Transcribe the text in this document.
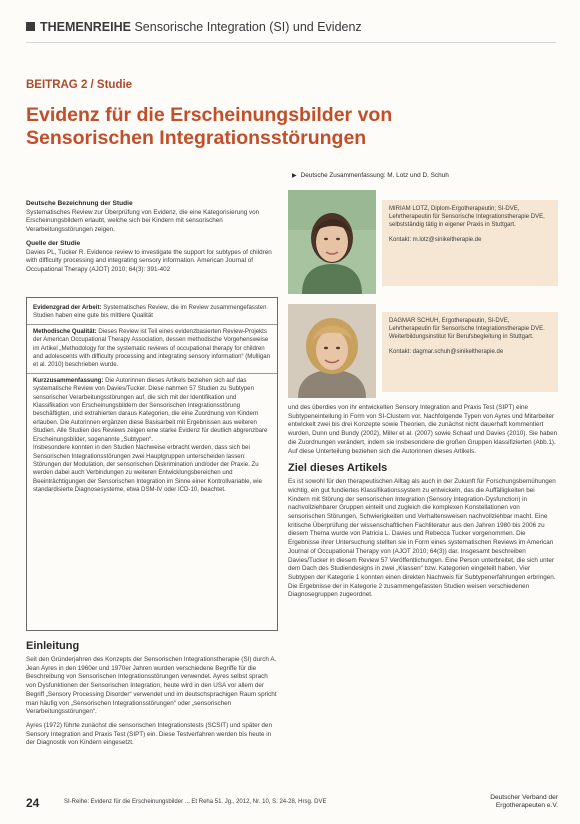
THEMENREIHE Sensorische Integration (SI) und Evidenz
BEITRAG 2 / Studie
Evidenz für die Erscheinungsbilder von Sensorischen Integrationsstörungen
Deutsche Bezeichnung der Studie

Systematisches Review zur Überprüfung von Evidenz, die eine Kategorisierung von Erscheinungsbildern erlaubt, welche sich bei Kindern mit sensorischen Verarbeitungsstörungen zeigen.

Quelle der Studie

Davies PL, Tucker R. Evidence review to investigate the support for subtypes of children with difficulty processing and integrating sensory information. American Journal of Occupational Therapy (AJOT) 2010; 64(3): 391-402

Evidenzgrad der Arbeit: Systematisches Review, die im Review zusammengefassten Studien haben eine gute bis mittlere Qualität

Methodische Qualität: Dieses Review ist Teil eines evidenzbasierten Review-Projekts der American Occupational Therapy Association, dessen methodische Vorgehensweise im Artikel „Methodology for the systematic reviews of occupational therapy for children and adolescents with difficulty processing and integrating sensory information“ (Mulligan et al. 2010) beschrieben wurde.

Kurzzusammenfassung: Die Autorinnen dieses Artikels beziehen sich auf das systematische Review von Davies/Tucker. Diese nahmen 57 Studien zu Subtypen sensorischer Verarbeitungsstörungen auf, die sich mit der Identifikation und Klassifikation von Erscheinungsbildern der Sensorischen Integrationsstörung beschäftigten, und extrahierten daraus Kategorien, die eine Zuordnung von Kindern erlauben. Die Autorinnen ergänzen diese Basisarbeit mit Ergebnissen aus weiteren Studien. Alle Studien des Reviews zeigen eine starke Evidenz für deutlich abgrenzbare Erscheinungsbilder, sogenannte „Subtypen“.
Insbesondere konnten in den Studien Nachweise erbracht werden, dass sich bei Sensorischen Integrationsstörungen zwei Hauptgruppen unterscheiden lassen: Störungen der Modulation, der sensorischen Diskrimination und/oder der Praxie. Zu werden dabei auch Verbindungen zu weiteren Entwicklungsbereichen und Beeinträchtigungen der Sensorischen Integration im Sinne einer Kontrollvariable, wie standardisierte Diagnosesysteme, etwa DSM-IV oder ICD-10, beachtet.

Einleitung

Seit den Gründerjahren des Konzepts der Sensorischen Integrationstherapie (SI) durch A. Jean Ayres in den 1960er und 1970er Jahren wurden verschiedene Begriffe für die Beschreibung von Sensorischen Integrationsstörungen verwendet. Ayres selbst sprach von Dysfunktionen der Sensorischen Integration, heute wird in den USA vor allem der Begriff „Sensory Processing Disorder“ verwendet und im deutschsprachigen Raum spricht man häufig von „Sensorischen Integrationsstörungen“ oder „sensorischen Verarbeitungsstörungen“.

Ayres (1972) führte zunächst die sensorischen Integrationstests (SCSIT) und später den Sensory Integration and Praxis Test (SIPT) ein. Diese Testverfahren werden bis heute in der Diagnostik von Kindern eingesetzt.

▶ Deutsche Zusammenfassung: M. Lotz und D. Schuh
MIRIAM LOTZ, Diplom-Ergotherapeutin; SI-DVE, Lehrtherapeutin für Sensorische Integrationstherapie DVE, selbstständig tätig in eigener Praxis in Stuttgart.
Kontakt: m.lotz@sinikeltherapie.de
DAGMAR SCHUH, Ergotherapeutin, SI-DVE, Lehrtherapeutin für Sensorische Integrationstherapie DVE. Weiterbildungsinstitut für Berufsbegleitung in Stuttgart.
Kontakt: dagmar.schuh@sinikeltherapie.de

und des überdies von ihr entwickelten Sensory Integration and Praxis Test (SIPT) eine Subtypeneinteilung in Form von SI-Clustern vor. Nachfolgende Typen von Ayres und Mitarbeiter entwickelt zwei bis drei Konzepte sowie Theorien, die zunächst nicht dauerhaft kommentiert wurden, Dunn und Bundy (2002), Miller et al. (2007) sowie Schaaf und Davies (2010). Sie haben die Zuordnungen verändert, indem sie insbesondere die großen Gruppen klassifizierten (Abb.1). Auf diese Unterteilung beziehen sich die Autorinnen dieses Artikels.

Ziel dieses Artikels

Es ist sowohl für den therapeutischen Alltag als auch in der Zukunft für Forschungsbemühungen wichtig, ein gut fundiertes Klassifikationssystem zu entwickeln, das die Auffälligkeiten bei Kindern mit Störung der sensorischen Integration (Sensory Integration-Dysfunction) in nachvollziehbarer Gruppen einteilt und zugleich die komplexen Konstellationen von sensorischen Störungen, Schwierigkeiten und Verhaltensweisen nachvollziehbar macht. Eine kritische Überprüfung der wissenschaftlichen Fachliteratur aus den Jahren 1980 bis 2006 zu diesem Thema wurde von Patricia L. Davies und Rebecca Tucker vorgenommen. Die Ergebnisse ihrer Untersuchung stellten sie in Form eines systematischen Reviews im American Journal of Occupational Therapy von (AJOT 2010; 64(3)) dar. Insgesamt beschreiben Davies/Tucker in diesem Review 57 Veröffentlichungen. Eine Person unterbreitet, die sich unter dem Dach des Studiendesigns in zwei „Klassen“ bzw. Kategorien eingeteilt haben. Vier Subtypen der Kategorie 1 konnten einen direkten Nachweis für Subtypenerfahrungen erbringen. Die Ergebnisse der in Kategorie 2 zusammengefassten Studien weisen verschiedenen Diagnosegruppen zugeordnet.

24	SI-Reihe: Evidenz für die Erscheinungsbilder ... Et Reha 51. Jg., 2012, Nr. 10, S. 24-28, Hrsg. DVE
Deutscher Verband der
Ergotherapeuten e.V.
